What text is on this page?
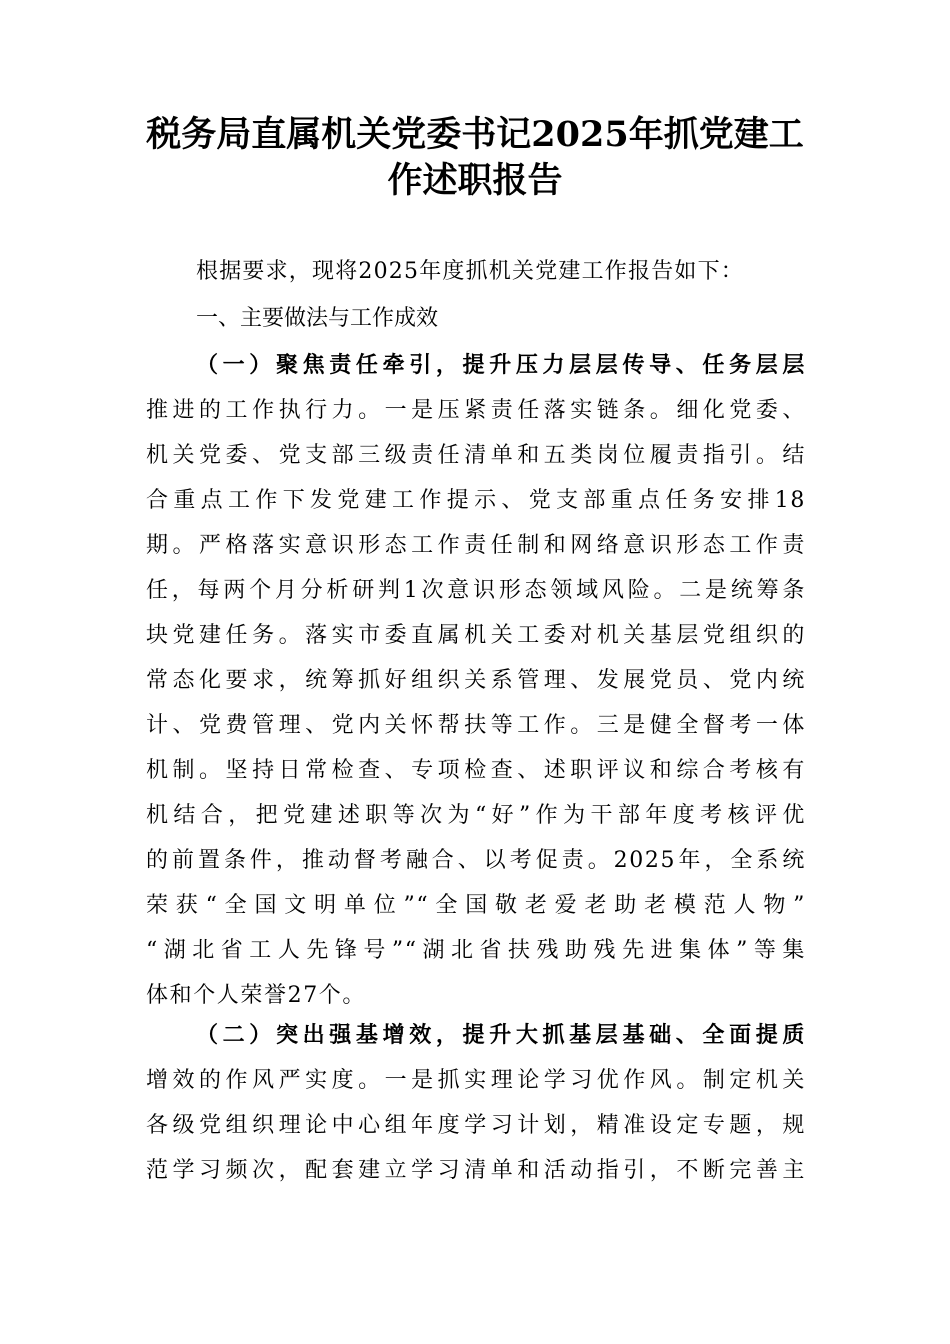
税务局直属机关党委书记2025年抓党建工
作述职报告
根据要求，现将2025年度抓机关党建工作报告如下：
一、主要做法与工作成效
（一）聚焦责任牵引，提升压力层层传导、任务层层
推进的工作执行力。一是压紧责任落实链条。细化党委、
机关党委、党支部三级责任清单和五类岗位履责指引。结
合重点工作下发党建工作提示、党支部重点任务安排18
期。严格落实意识形态工作责任制和网络意识形态工作责
任，每两个月分析研判1次意识形态领域风险。二是统筹条
块党建任务。落实市委直属机关工委对机关基层党组织的
常态化要求，统筹抓好组织关系管理、发展党员、党内统
计、党费管理、党内关怀帮扶等工作。三是健全督考一体
机制。坚持日常检查、专项检查、述职评议和综合考核有
机结合，把党建述职等次为“好”作为干部年度考核评优
的前置条件，推动督考融合、以考促责。2025年，全系统
荣获“全国文明单位”“全国敬老爱老助老模范人物”
“湖北省工人先锋号”“湖北省扶残助残先进集体”等集
体和个人荣誉27个。
（二）突出强基增效，提升大抓基层基础、全面提质
增效的作风严实度。一是抓实理论学习优作风。制定机关
各级党组织理论中心组年度学习计划，精准设定专题，规
范学习频次，配套建立学习清单和活动指引，不断完善主
